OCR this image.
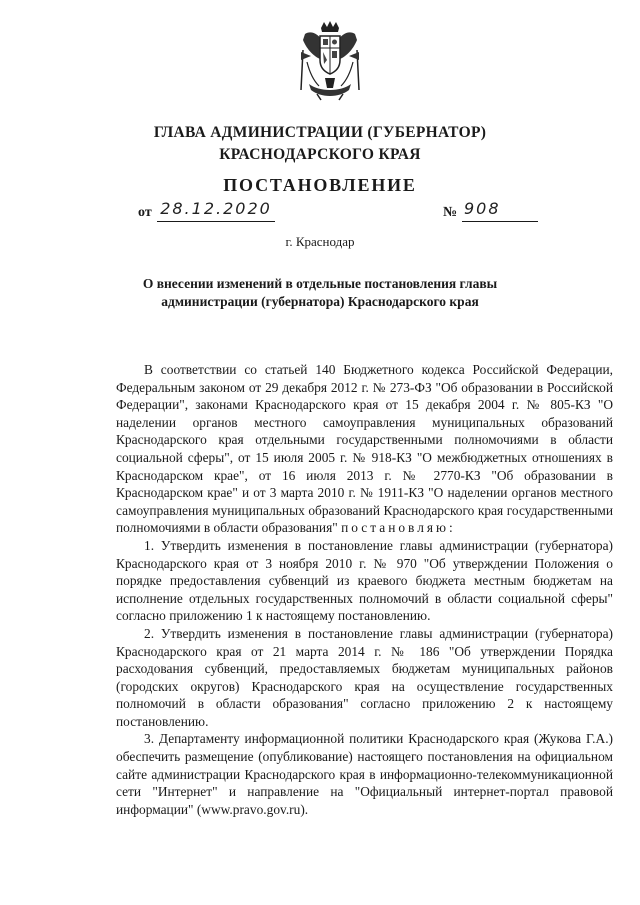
ГЛАВА АДМИНИСТРАЦИИ (ГУБЕРНАТОР)
КРАСНОДАРСКОГО КРАЯ
ПОСТАНОВЛЕНИЕ
от 28.12.2020	№ 908
г. Краснодар
О внесении изменений в отдельные постановления главы
администрации (губернатора) Краснодарского края

В соответствии со статьей 140 Бюджетного кодекса Российской Федерации, Федеральным законом от 29 декабря 2012 г. № 273-ФЗ "Об образовании в Российской Федерации", законами Краснодарского края от 15 декабря 2004 г. № 805-КЗ "О наделении органов местного самоуправления муниципальных образований Краснодарского края отдельными государственными полномочиями в области социальной сферы", от 15 июля 2005 г. № 918-КЗ "О межбюджетных отношениях в Краснодарском крае", от 16 июля 2013 г. № 2770-КЗ "Об образовании в Краснодарском крае" и от 3 марта 2010 г. № 1911-КЗ "О наделении органов местного самоуправления муниципальных образований Краснодарского края государственными полномочиями в области образования" постановляю:

1. Утвердить изменения в постановление главы администрации (губернатора) Краснодарского края от 3 ноября 2010 г. № 970 "Об утверждении Положения о порядке предоставления субвенций из краевого бюджета местным бюджетам на исполнение отдельных государственных полномочий в области социальной сферы" согласно приложению 1 к настоящему постановлению.

2. Утвердить изменения в постановление главы администрации (губернатора) Краснодарского края от 21 марта 2014 г. № 186 "Об утверждении Порядка расходования субвенций, предоставляемых бюджетам муниципальных районов (городских округов) Краснодарского края на осуществление государственных полномочий в области образования" согласно приложению 2 к настоящему постановлению.

3. Департаменту информационной политики Краснодарского края (Жукова Г.А.) обеспечить размещение (опубликование) настоящего постановления на официальном сайте администрации Краснодарского края в информационно-телекоммуникационной сети "Интернет" и направление на "Официальный интернет-портал правовой информации" (www.pravo.gov.ru).
